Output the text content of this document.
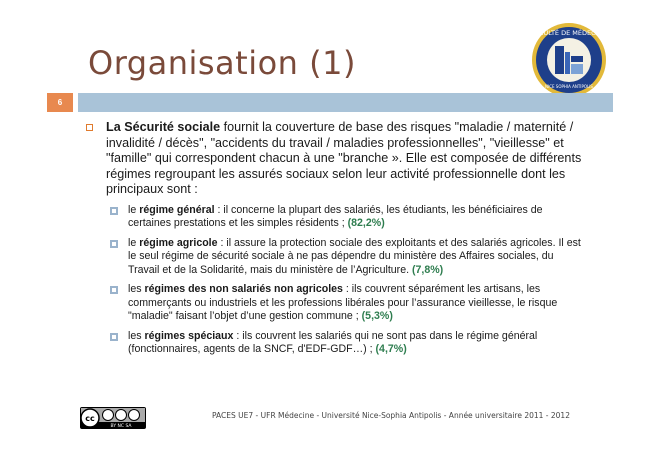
Organisation (1)
FACULTÉ DE MÉDECINE
NICE SOPHIA ANTIPOLIS
6
La Sécurité sociale fournit la couverture de base des risques "maladie / maternité / invalidité / décès", "accidents du travail / maladies professionnelles", "vieillesse" et "famille" qui correspondent chacun à une "branche ». Elle est composée de différents régimes regroupant les assurés sociaux selon leur activité professionnelle dont les principaux sont :
le régime général : il concerne la plupart des salariés, les étudiants, les bénéficiaires de certaines prestations et les simples résidents ; (82,2%)
le régime agricole : il assure la protection sociale des exploitants et des salariés agricoles. Il est le seul régime de sécurité sociale à ne pas dépendre du ministère des Affaires sociales, du Travail et de la Solidarité, mais du ministère de l’Agriculture. (7,8%)
les régimes des non salariés non agricoles : ils couvrent séparément les artisans, les commerçants ou industriels et les professions libérales pour l’assurance vieillesse, le risque "maladie" faisant l’objet d’une gestion commune ; (5,3%)
les régimes spéciaux : ils couvrent les salariés qui ne sont pas dans le régime général (fonctionnaires, agents de la SNCF, d'EDF-GDF…) ; (4,7%)
cc
BY NC SA
PACES UE7 - UFR Médecine - Université Nice-Sophia Antipolis - Année universitaire 2011 - 2012
